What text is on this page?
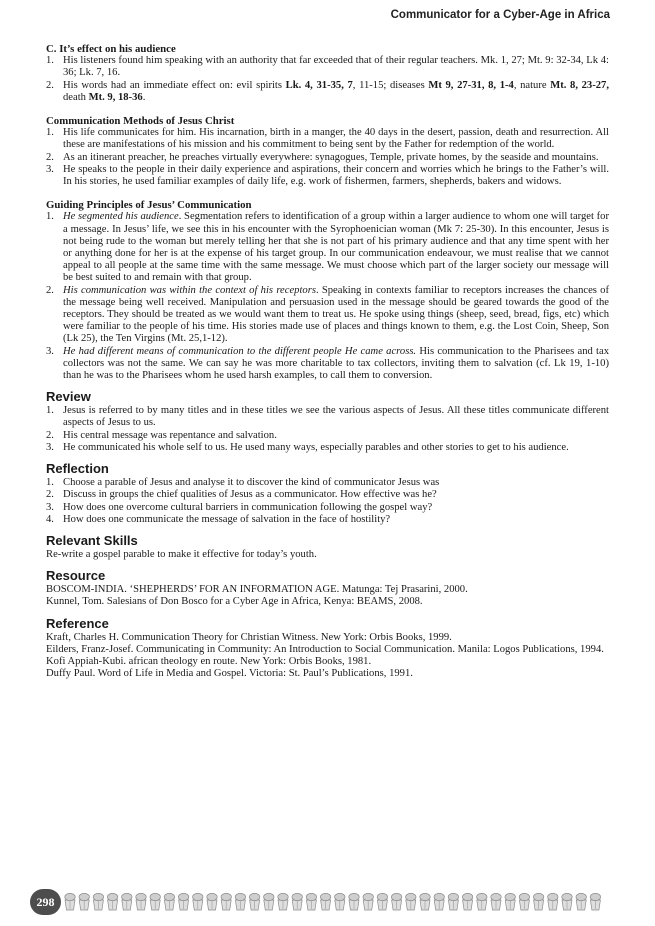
Communicator for a Cyber-Age in Africa
C. It’s effect on his audience
1. His listeners found him speaking with an authority that far exceeded that of their regular teachers. Mk. 1, 27; Mt. 9: 32-34, Lk 4: 36; Lk. 7, 16.
2. His words had an immediate effect on: evil spirits Lk. 4, 31-35, 7, 11-15; diseases Mt 9, 27-31, 8, 1-4, nature Mt. 8, 23-27, death Mt. 9, 18-36.
Communication Methods of Jesus Christ
1. His life communicates for him. His incarnation, birth in a manger, the 40 days in the desert, passion, death and resurrection. All these are manifestations of his mission and his commitment to being sent by the Father for redemption of the world.
2. As an itinerant preacher, he preaches virtually everywhere: synagogues, Temple, private homes, by the seaside and mountains.
3. He speaks to the people in their daily experience and aspirations, their concern and worries which he brings to the Father’s will. In his stories, he used familiar examples of daily life, e.g. work of fishermen, farmers, shepherds, bakers and widows.
Guiding Principles of Jesus’ Communication
1. He segmented his audience. Segmentation refers to identification of a group within a larger audience to whom one will target for a message. In Jesus’ life, we see this in his encounter with the Syrophoenician woman (Mk 7: 25-30). In this encounter, Jesus is not being rude to the woman but merely telling her that she is not part of his primary audience and that any time spent with her or anything done for her is at the expense of his target group. In our communication endeavour, we must realise that we cannot appeal to all people at the same time with the same message. We must choose which part of the larger society our message will be best suited to and remain with that group.
2. His communication was within the context of his receptors. Speaking in contexts familiar to receptors increases the chances of the message being well received. Manipulation and persuasion used in the message should be geared towards the good of the receptors. They should be treated as we would want them to treat us. He spoke using things (sheep, seed, bread, figs, etc) which were familiar to the people of his time. His stories made use of places and things known to them, e.g. the Lost Coin, Sheep, Son (Lk 25), the Ten Virgins (Mt. 25,1-12).
3. He had different means of communication to the different people He came across. His communication to the Pharisees and tax collectors was not the same. We can say he was more charitable to tax collectors, inviting them to salvation (cf. Lk 19, 1-10) than he was to the Pharisees whom he used harsh examples, to call them to conversion.
Review
1. Jesus is referred to by many titles and in these titles we see the various aspects of Jesus. All these titles communicate different aspects of Jesus to us.
2. His central message was repentance and salvation.
3. He communicated his whole self to us. He used many ways, especially parables and other stories to get to his audience.
Reflection
1. Choose a parable of Jesus and analyse it to discover the kind of communicator Jesus was
2. Discuss in groups the chief qualities of Jesus as a communicator. How effective was he?
3. How does one overcome cultural barriers in communication following the gospel way?
4. How does one communicate the message of salvation in the face of hostility?
Relevant Skills

Re-write a gospel parable to make it effective for today’s youth.

Resource

BOSCOM-INDIA. ‘SHEPHERDS’ FOR AN INFORMATION AGE. Matunga: Tej Prasarini, 2000.

Kunnel, Tom. Salesians of Don Bosco for a Cyber Age in Africa, Kenya: BEAMS, 2008.

Reference

Kraft, Charles H. Communication Theory for Christian Witness. New York: Orbis Books, 1999.

Eilders, Franz-Josef. Communicating in Community: An Introduction to Social Communication. Manila: Logos Publications, 1994.

Kofi Appiah-Kubi. african theology en route. New York: Orbis Books, 1981.

Duffy Paul. Word of Life in Media and Gospel. Victoria: St. Paul’s Publications, 1991.

298
